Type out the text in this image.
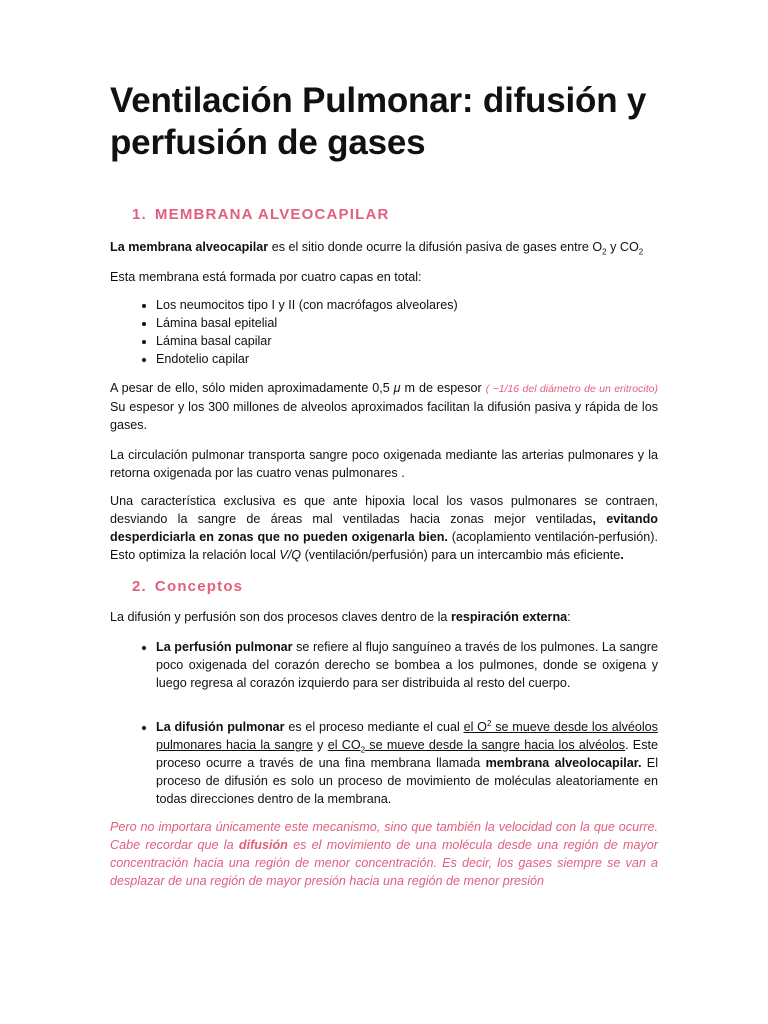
Ventilación Pulmonar: difusión y perfusión de gases
1. MEMBRANA ALVEOCAPILAR

La membrana alveocapilar es el sitio donde ocurre la difusión pasiva de gases entre $O_2$ y $CO_2$

Esta membrana está formada por cuatro capas en total:

• Los neumocitos tipo I y II (con macrófagos alveolares)
• Lámina basal epitelial
• Lámina basal capilar
• Endotelio capilar

A pesar de ello, sólo miden aproximadamente 0,5 μ m de espesor ( ~1/16 del diámetro de un eritrocito) Su espesor y los 300 millones de alveolos aproximados facilitan la difusión pasiva y rápida de los gases.

La circulación pulmonar transporta sangre poco oxigenada mediante las arterias pulmonares y la retorna oxigenada por las cuatro venas pulmonares .

Una característica exclusiva es que ante hipoxia local los vasos pulmonares se contraen, desviando la sangre de áreas mal ventiladas hacia zonas mejor ventiladas, evitando desperdiciarla en zonas que no pueden oxigenarla bien. (acoplamiento ventilación‑perfusión). Esto optimiza la relación local V/Q (ventilación/perfusión) para un intercambio más eficiente.

2. Conceptos

La difusión y perfusión son dos procesos claves dentro de la respiración externa:

• La perfusión pulmonar se refiere al flujo sanguíneo a través de los pulmones. La sangre poco oxigenada del corazón derecho se bombea a los pulmones, donde se oxigena y luego regresa al corazón izquierdo para ser distribuida al resto del cuerpo.
• La difusión pulmonar es el proceso mediante el cual el $O^2$ se mueve desde los alvéolos pulmonares hacia la sangre y el $CO_2$ se mueve desde la sangre hacia los alvéolos. Este proceso ocurre a través de una fina membrana llamada membrana alveolocapilar. El proceso de difusión es solo un proceso de movimiento de moléculas aleatoriamente en todas direcciones dentro de la membrana.

Pero no importara únicamente este mecanismo, sino que también la velocidad con la que ocurre. Cabe recordar que la difusión es el movimiento de una molécula desde una región de mayor concentración hacia una región de menor concentración. Es decir, los gases siempre se van a desplazar de una región de mayor presión hacia una región de menor presión
